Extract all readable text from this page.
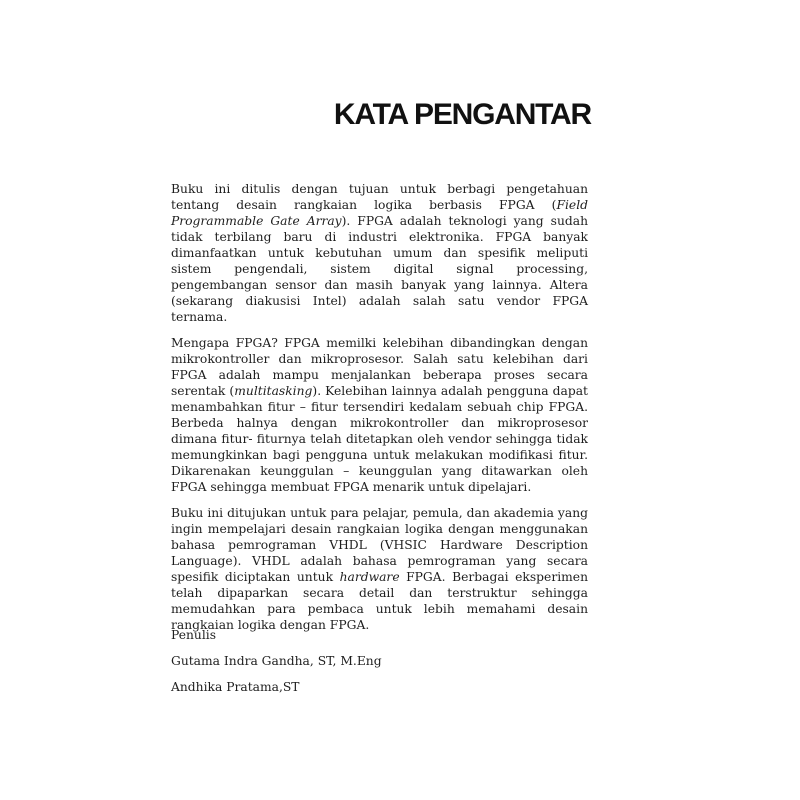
KATA PENGANTAR

Buku ini ditulis dengan tujuan untuk berbagi pengetahuan tentang desain rangkaian logika berbasis FPGA (Field Programmable Gate Array). FPGA adalah teknologi yang sudah tidak terbilang baru di industri elektronika. FPGA banyak dimanfaatkan untuk kebutuhan umum dan spesifik meliputi sistem pengendali, sistem digital signal processing, pengembangan sensor dan masih banyak yang lainnya. Altera (sekarang diakusisi Intel) adalah salah satu vendor FPGA ternama.

Mengapa FPGA? FPGA memilki kelebihan dibandingkan dengan mikrokontroller dan mikroprosesor. Salah satu kelebihan dari FPGA adalah mampu menjalankan beberapa proses secara serentak (multitasking). Kelebihan lainnya adalah pengguna dapat menambahkan fitur – fitur tersendiri kedalam sebuah chip FPGA. Berbeda halnya dengan mikrokontroller dan mikroprosesor dimana fitur- fiturnya telah ditetapkan oleh vendor sehingga tidak memungkinkan bagi pengguna untuk melakukan modifikasi fitur. Dikarenakan keunggulan – keunggulan yang ditawarkan oleh FPGA sehingga membuat FPGA menarik untuk dipelajari.

Buku ini ditujukan untuk para pelajar, pemula, dan akademia yang ingin mempelajari desain rangkaian logika dengan menggunakan bahasa pemrograman VHDL (VHSIC Hardware Description Language). VHDL adalah bahasa pemrograman yang secara spesifik diciptakan untuk hardware FPGA. Berbagai eksperimen telah dipaparkan secara detail dan terstruktur sehingga memudahkan para pembaca untuk lebih memahami desain rangkaian logika dengan FPGA.

Penulis
Gutama Indra Gandha, ST, M.Eng
Andhika Pratama,ST
